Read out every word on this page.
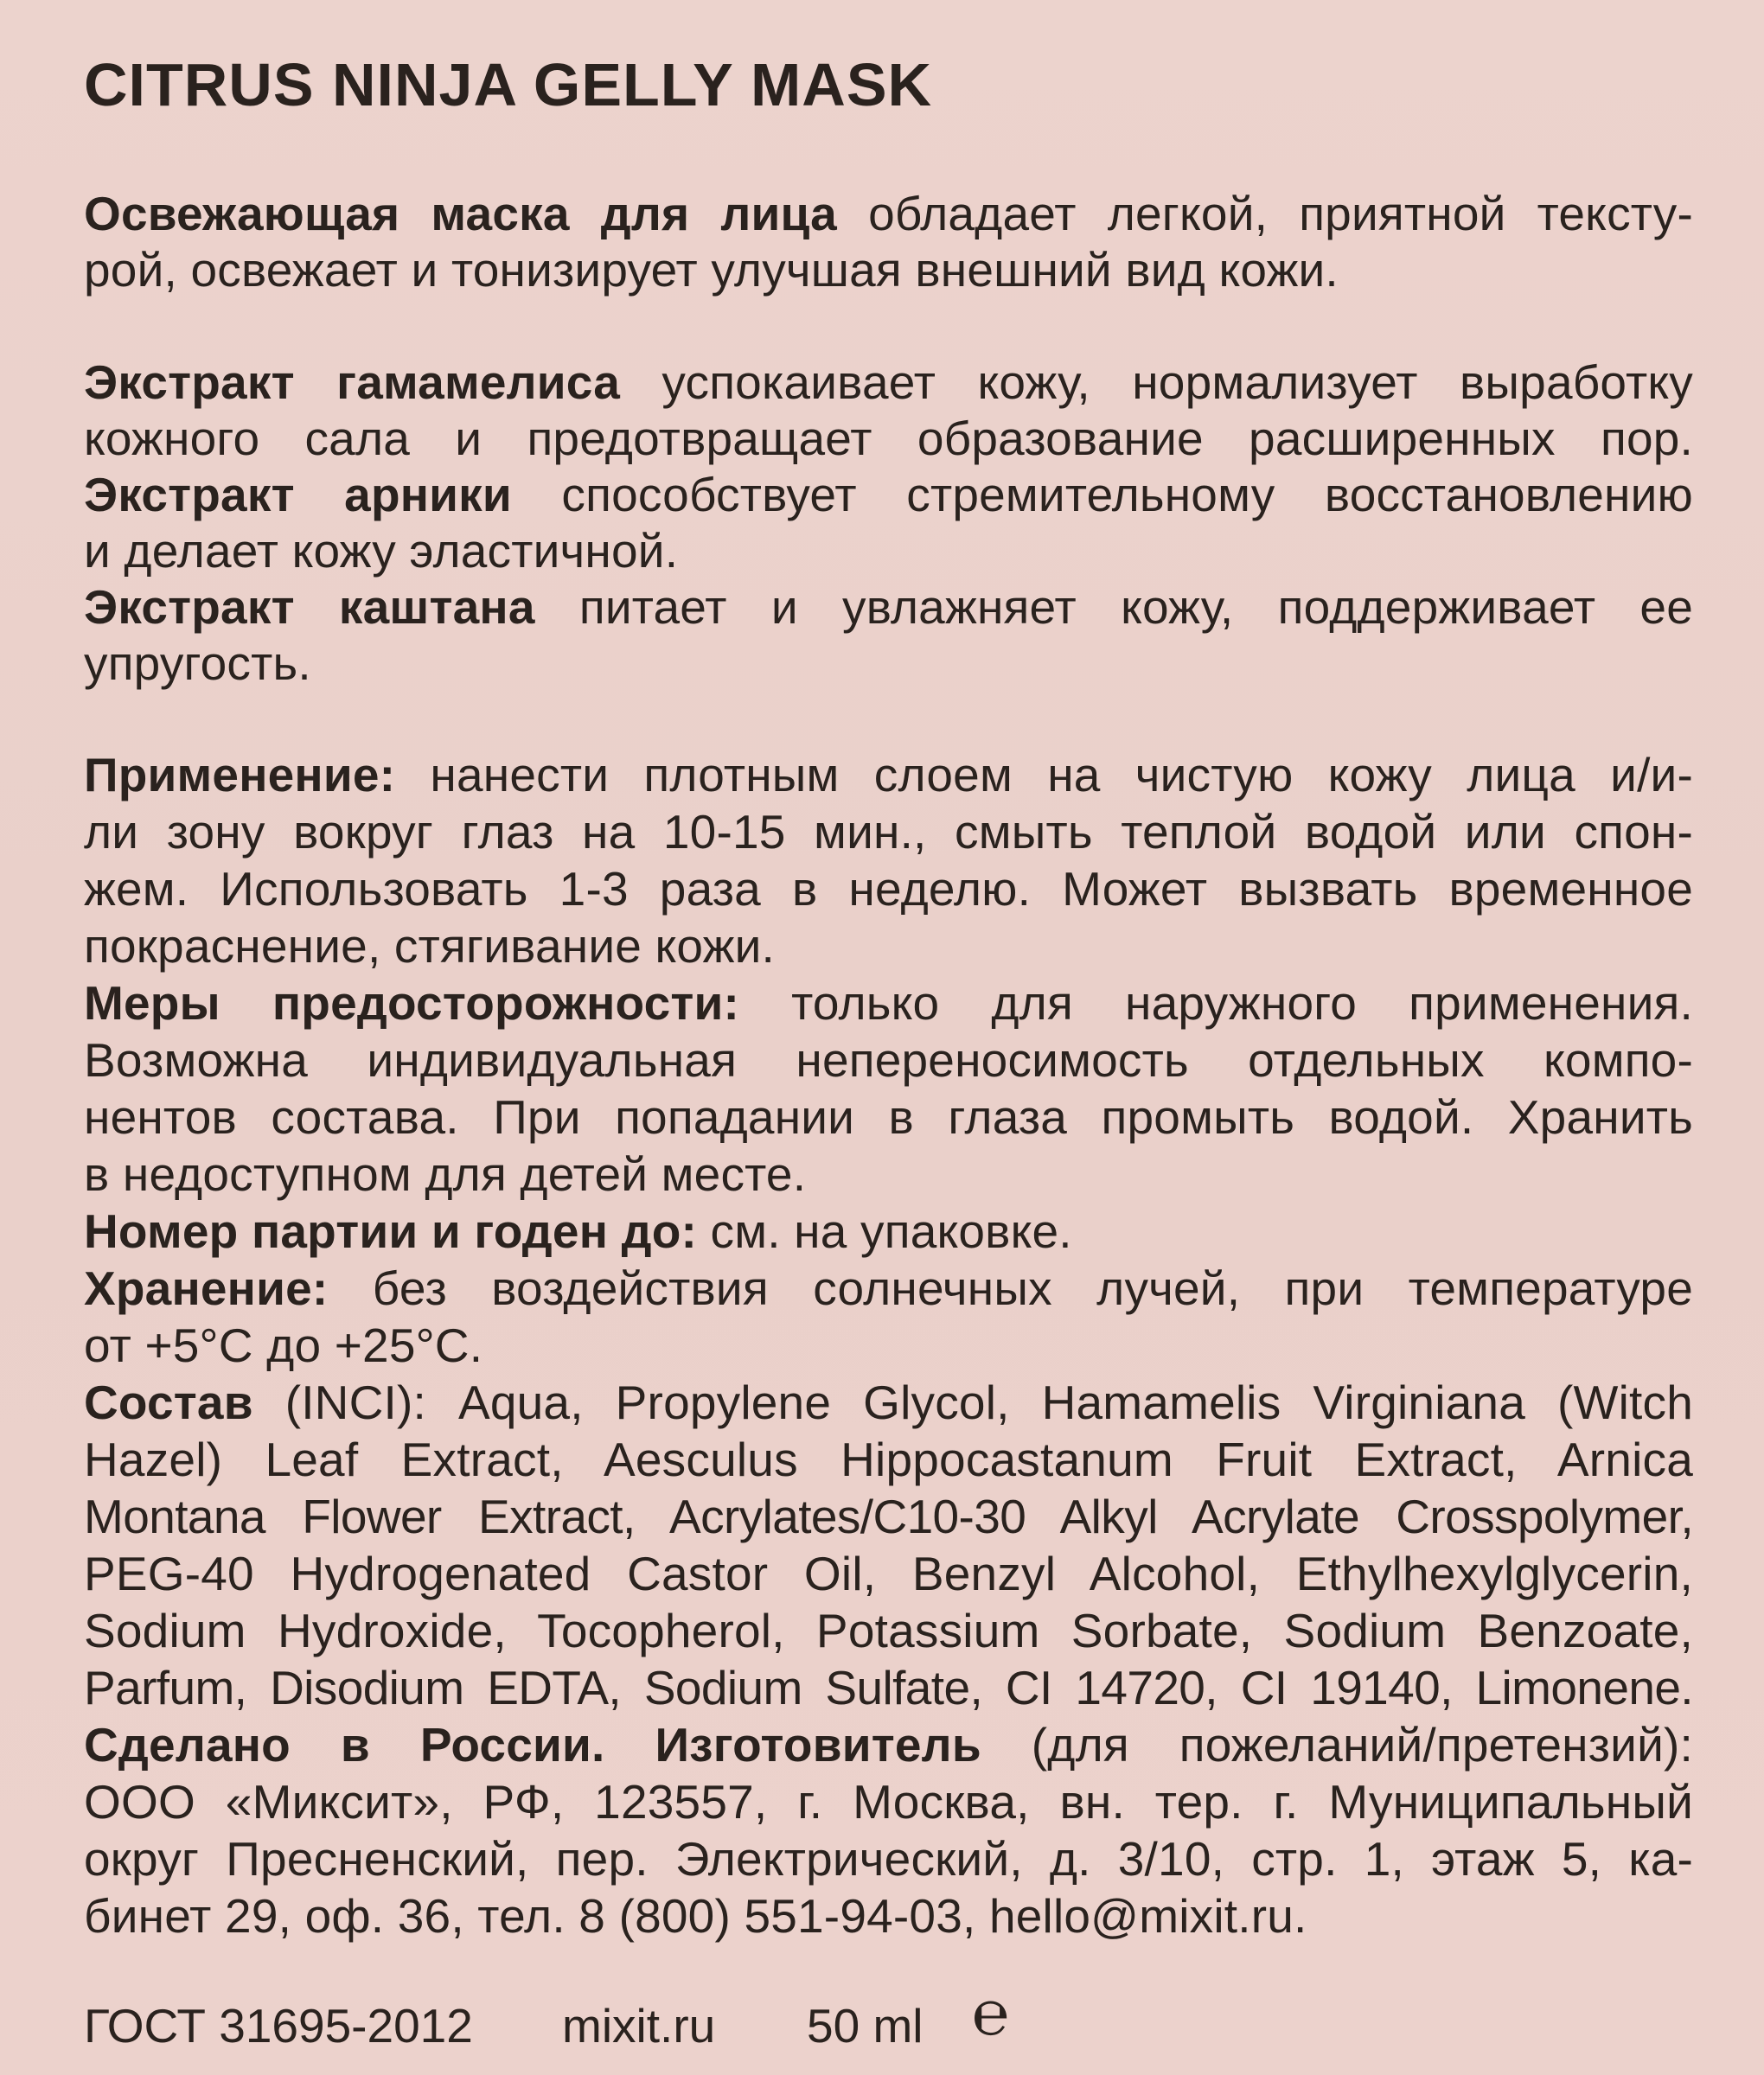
CITRUS NINJA GELLY MASK
Освежающая маска для лица обладает легкой, приятной тексту-
рой, освежает и тонизирует улучшая внешний вид кожи.
Экстракт гамамелиса успокаивает кожу, нормализует выработку
кожного сала и предотвращает образование расширенных пор.
Экстракт арники способствует стремительному восстановлению
и делает кожу эластичной.
Экстракт каштана питает и увлажняет кожу, поддерживает ее
упругость.
Применение: нанести плотным слоем на чистую кожу лица и/и-
ли зону вокруг глаз на 10-15 мин., смыть теплой водой или спон-
жем. Использовать 1-3 раза в неделю. Может вызвать временное
покраснение, стягивание кожи.
Меры предосторожности: только для наружного применения.
Возможна индивидуальная непереносимость отдельных компо-
нентов состава. При попадании в глаза промыть водой. Хранить
в недоступном для детей месте.
Номер партии и годен до: см. на упаковке.
Хранение: без воздействия солнечных лучей, при температуре
от +5°C до +25°C.
Состав (INCI): Aqua, Propylene Glycol, Hamamelis Virginiana (Witch
Hazel) Leaf Extract, Aesculus Hippocastanum Fruit Extract, Arnica
Montana Flower Extract, Acrylates/C10-30 Alkyl Acrylate Crosspolymer,
PEG-40 Hydrogenated Castor Oil, Benzyl Alcohol, Ethylhexylglycerin,
Sodium Hydroxide, Tocopherol, Potassium Sorbate, Sodium Benzoate,
Parfum, Disodium EDTA, Sodium Sulfate, CI 14720, CI 19140, Limonene.
Сделано в России. Изготовитель (для пожеланий/претензий):
ООО «Миксит», РФ, 123557, г. Москва, вн. тер. г. Муниципальный
округ Пресненский, пер. Электрический, д. 3/10, стр. 1, этаж 5, ка-
бинет 29, оф. 36, тел. 8 (800) 551-94-03, hello@mixit.ru.
ГОСТ 31695-2012 mixit.ru 50 ml ℮
